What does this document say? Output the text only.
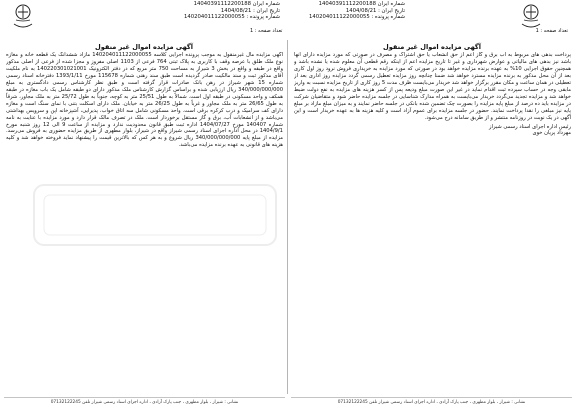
شماره ایران 14040391112200188
تاریخ ایران : 1404/08/21
شماره پرونده : 140204011122000055
تعداد صفحه : 1
شماره ایران 14040391112200188
تاریخ ایران : 1404/08/21
شماره پرونده : 140204011122000055
تعداد صفحه : 1
آگهی مزایده اموال غیر منقول
آگهی مزایده اموال غیر منقول

پرداخت بدهی های مربوط به آب برق و گاز اعم از حق انشعاب یا حق اشتراک و مصرف در صورتی که مورد مزایده دارای آنها باشد نیز بدهی های مالیاتی و عوارض شهرداری و غیر تا تاریخ مزایده اعم از اینکه رقم قطعی آن معلوم شده یا نشده باشد و همچنین حقوق اجرایی 10% به عهده برنده مزایده خواهد بود در صورتی که مورد مزایده به خریداری فروش نرود روز اول کاری بعد از آن محل مذکور به برنده مزایده مسترد خواهد شد ضمنا چنانچه روز مزایده تعطیل رسمی گردد مزایده روز اداری بعد از تعطیلی در همان ساعت و مکان مقرر برگزار خواهد شد خریدار می‌بایست ظرف مدت 5 روز کاری از تاریخ مزایده نسبت به واریز مابقی وجه در حساب سپرده ثبت اقدام نماید در غیر این صورت مبلغ ودیعه پس از کسر هزینه های مزایده به نفع دولت ضبط خواهد شد و مزایده تجدید می‌گردد خریدار می‌بایست به همراه مدارک شناسایی در جلسه مزایده حاضر شود و متقاضیان شرکت در مزایده باید ده درصد از مبلغ پایه مزایده را بصورت چک تضمین شده بانکی در جلسه حاضر نمایند و به میزان مبلغ مازاد بر مبلغ پایه نیز مبلغی را نقدا پرداخت نمایند. حضور در جلسه مزایده برای عموم آزاد است و کلیه هزینه ها به عهده خریدار است و این آگهی در یک نوبت در روزنامه منتشر و از طریق سامانه درج می‌شود.

رئیس اداره اجرای اسناد رسمی شیراز
مهرداد پریان خوی

آگهی مزایده مال غیرمنقول به موجب پرونده اجرایی کلاسه 140204011122000055 مازاد ششدانگ یک قطعه خانه و مغازه نوع ملک طلق با عرصه وقف با کاربری به پلاک ثبتی 764 فرعی از 1103 اصلی مفروز و مجزا شده از فرعی از اصلی مذکور واقع در طبقه و واقع در بخش 3 شیراز به مساحت 750 متر مربع که در دفتر الکترونیک 140220301021001 به نام ملکیت آقای مذکور ثبت و سند مالکیت صادر گردیده است طبق سند رهنی شماره 115678 مورخ 1393/1/11 دفترخانه اسناد رسمی شماره 15 شهر شیراز در رهن بانک صادرات قرار گرفته است و طبق نظر کارشناس رسمی دادگستری به مبلغ 340/000/000/000 ریال ارزیابی شده و براساس گزارش کارشناس ملک مذکور دارای دو طبقه شامل یک باب مغازه در طبقه همکف و واحد مسکونی در طبقه اول است. شمالاً به طول 25/51 متر به کوچه، جنوباً به طول 25/72 متر به ملک مجاور، شرقاً به طول 26/65 متر به ملک مجاور و غرباً به طول 26/25 متر به خیابان. ملک دارای اسکلت بتنی با نمای سنگ است و مغازه دارای کف سرامیک و درب کرکره برقی است. واحد مسکونی شامل سه اتاق خواب، پذیرایی، آشپزخانه اپن و سرویس بهداشتی می‌باشد و از انشعابات آب، برق و گاز مستقل برخوردار است. ملک در تصرف مالک قرار دارد و مورد مزایده با عنایت به نامه شماره 140407 مورخ 1404/07/27 اداره ثبت طبق قانون محدودیت ندارد و مزایده از ساعت 9 الی 12 روز شنبه مورخ 1404/9/1 در محل اداره اجرای اسناد رسمی شیراز واقع در شیراز، بلوار مطهری از طریق مزایده حضوری به فروش می‌رسد. مزایده از مبلغ پایه 340/000/000/000 ریال شروع و به هر کس که بالاترین قیمت را پیشنهاد نماید فروخته خواهد شد و کلیه هزینه های قانونی به عهده برنده مزایده می‌باشد.

نشانی : شیراز ، بلوار مطهری ، جنب پارک آزادی ، اداره اجرای اسناد رسمی شیراز تلفن 07132122245	نشانی : شیراز ، بلوار مطهری ، جنب پارک آزادی ، اداره اجرای اسناد رسمی شیراز تلفن 07132122245
